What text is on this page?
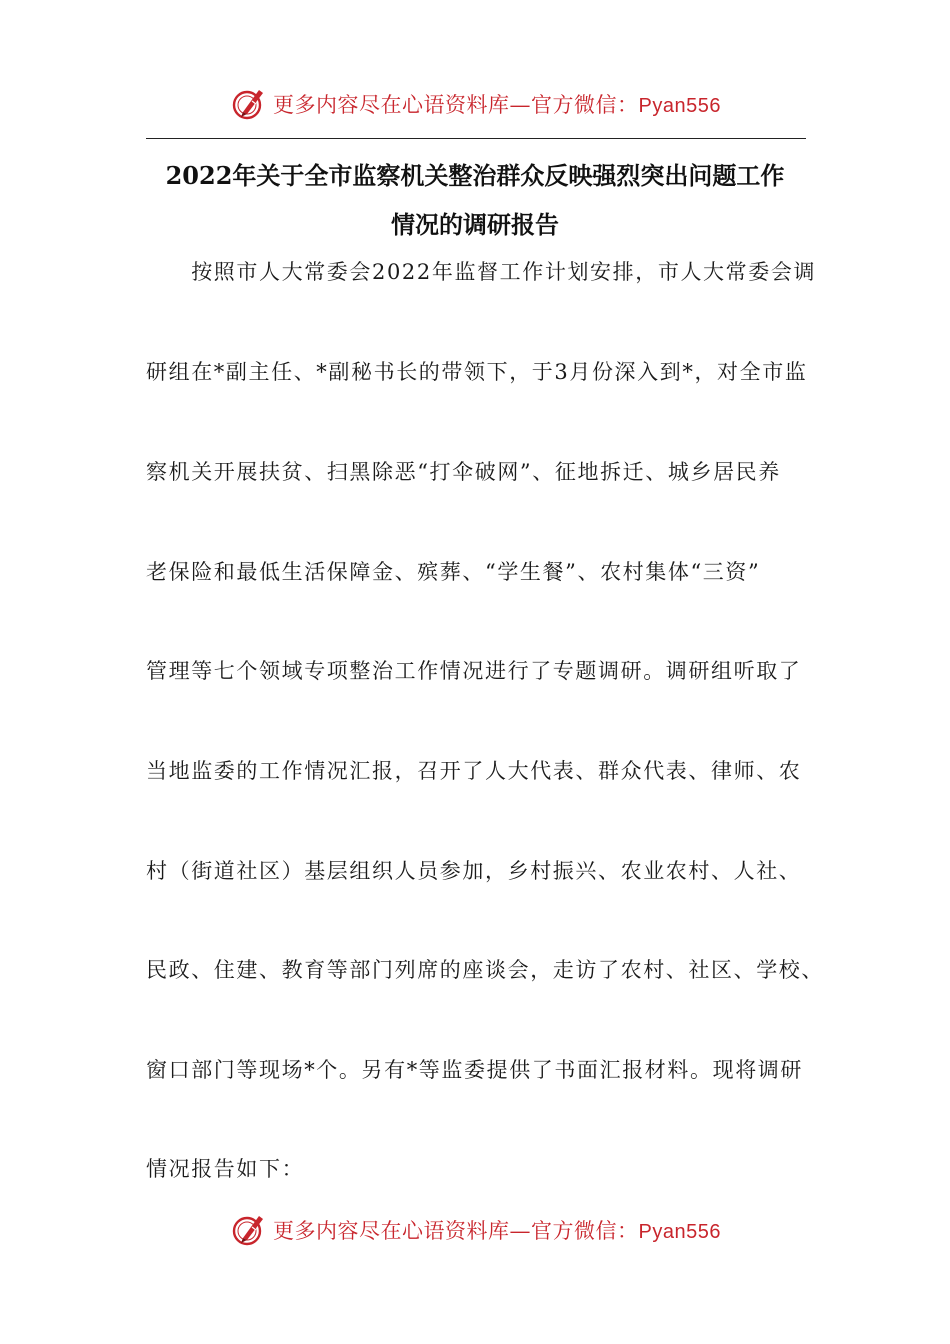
更多内容尽在心语资料库—官方微信：Pyan556
2022年关于全市监察机关整治群众反映强烈突出问题工作
情况的调研报告
　　按照市人大常委会2022年监督工作计划安排，市人大常委会调
研组在*副主任、*副秘书长的带领下，于3月份深入到*，对全市监
察机关开展扶贫、扫黑除恶“打伞破网”、征地拆迁、城乡居民养
老保险和最低生活保障金、殡葬、“学生餐”、农村集体“三资”
管理等七个领域专项整治工作情况进行了专题调研。调研组听取了
当地监委的工作情况汇报，召开了人大代表、群众代表、律师、农
村（街道社区）基层组织人员参加，乡村振兴、农业农村、人社、
民政、住建、教育等部门列席的座谈会，走访了农村、社区、学校、
窗口部门等现场*个。另有*等监委提供了书面汇报材料。现将调研
情况报告如下：
更多内容尽在心语资料库—官方微信：Pyan556
